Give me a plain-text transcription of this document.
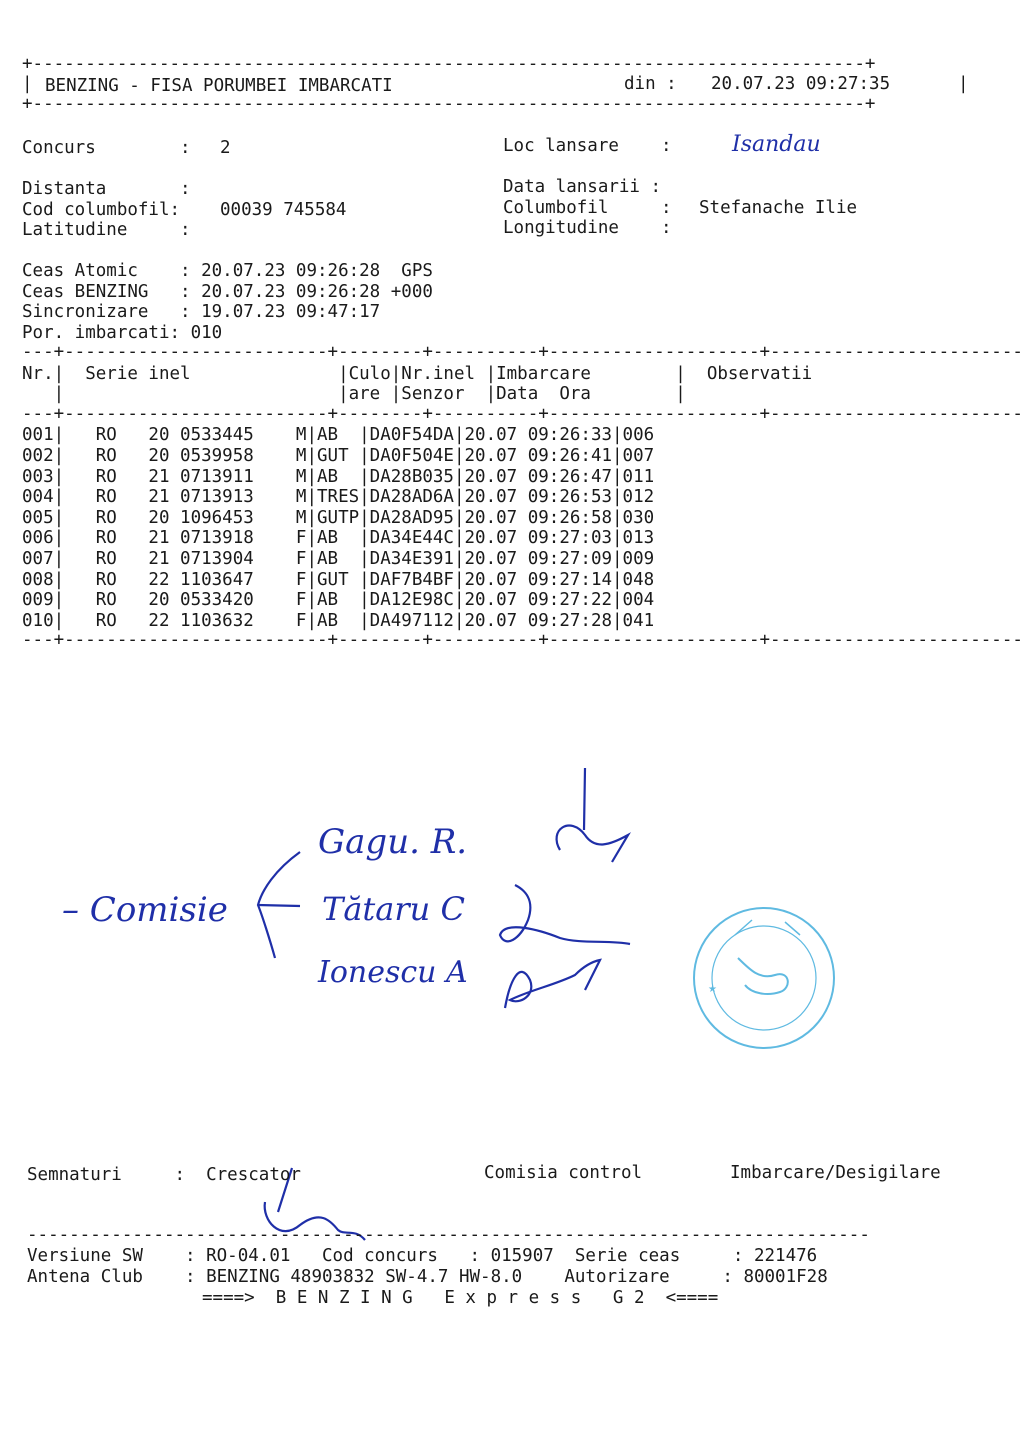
+-------------------------------------------------------------------------------+
| BENZING - FISA PORUMBEI IMBARCATI	din : 20.07.23 09:27:35	|
+-------------------------------------------------------------------------------+
Concurs        : 2	Loc lansare    :	Isandau
Distanta       :	Data lansarii :
Cod columbofil: 00039 745584	Columbofil     : Stefanache Ilie
Latitudine     :	Longitudine    :
Ceas Atomic    : 20.07.23 09:26:28  GPS
Ceas BENZING   : 20.07.23 09:26:28 +000
Sincronizare   : 19.07.23 09:47:17
Por. imbarcati: 010
---+-------------------------+--------+----------+--------------------+------------------------
Nr.|  Serie inel              |Culo|Nr.inel |Imbarcare        |  Observatii
|                          |are |Senzor  |Data  Ora        |
---+-------------------------+--------+----------+--------------------+------------------------
001|   RO   20 0533445    M|AB  |DA0F54DA|20.07 09:26:33|006
002|   RO   20 0539958    M|GUT |DA0F504E|20.07 09:26:41|007
003|   RO   21 0713911    M|AB  |DA28B035|20.07 09:26:47|011
004|   RO   21 0713913    M|TRES|DA28AD6A|20.07 09:26:53|012
005|   RO   20 1096453    M|GUTP|DA28AD95|20.07 09:26:58|030
006|   RO   21 0713918    F|AB  |DA34E44C|20.07 09:27:03|013
007|   RO   21 0713904    F|AB  |DA34E391|20.07 09:27:09|009
008|   RO   22 1103647    F|GUT |DAF7B4BF|20.07 09:27:14|048
009|   RO   20 0533420    F|AB  |DA12E98C|20.07 09:27:22|004
010|   RO   22 1103632    F|AB  |DA497112|20.07 09:27:28|041
---+-------------------------+--------+----------+--------------------+------------------------
– Comisie
Gagu. R.
Tătaru C
Ionescu A	★
Semnaturi     :  Crescator	Comisia control	Imbarcare/Desigilare
--------------------------------------------------------------------------------
Versiune SW    : RO-04.01   Cod concurs   : 015907  Serie ceas     : 221476
Antena Club    : BENZING 48903832 SW-4.7 HW-8.0    Autorizare     : 80001F28
====>  B E N Z I N G   E x p r e s s   G 2  <====
